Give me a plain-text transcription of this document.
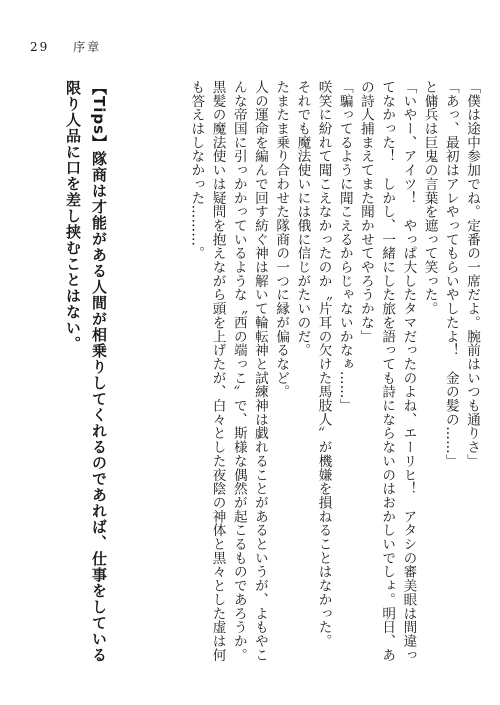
29 序章

「僕は途中参加でね。定番の一席だよ。腕前はいつも通りさ」

「あっ、最初はアレやってもらいやしたよ！　金の髪の……」

と傭兵は巨鬼の言葉を遮って笑った。

「いやー、アイツ！　やっぱ大したタマだったのよね、エーリヒ！　アタシの審美眼は間違ってなかった！　しかし、一緒にした旅を語っても詩にならないのはおかしいでしょ。明日、あの詩人捕まえてまた聞かせてやろうかな」

「騙ってるように聞こえるからじゃないかなぁ……」

咲笑に紛れて聞こえなかったのか〝片耳の欠けた馬肢人〟が機嫌を損ねることはなかった。

それでも魔法使いには俄に信じがたいのだ。

たまたま乗り合わせた隊商の一つに縁が偏るなど。

人の運命を編んで回す紡ぐ神は解いて輪転神と試練神は戯れることがあるというが、よもやこんな帝国に引っかかっているような〝西の端っこ〟で、斯様な偶然が起こるものであろうか。

黒髪の魔法使いは疑問を抱えながら頭を上げたが、白々とした夜陰の神体と黒々とした虚は何も答えはしなかった………。

【Tips】隊商は才能がある人間が相乗りしてくれるのであれば、仕事をしている限り人品に口を差し挟むことはない。
